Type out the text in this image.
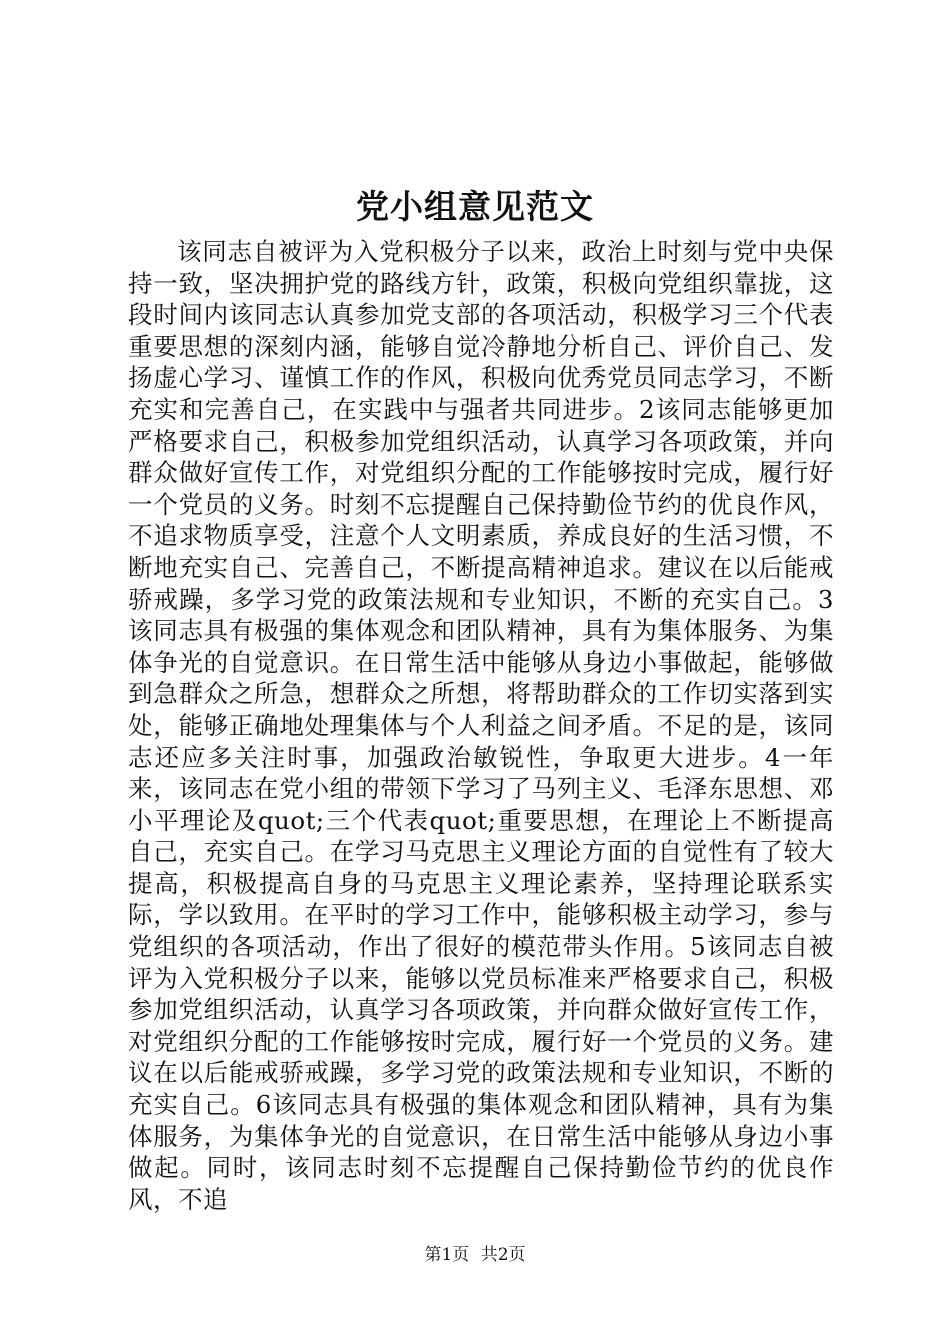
党小组意见范文

该同志自被评为入党积极分子以来，政治上时刻与党中央保持一致，坚决拥护党的路线方针，政策，积极向党组织靠拢，这段时间内该同志认真参加党支部的各项活动，积极学习三个代表重要思想的深刻内涵，能够自觉冷静地分析自己、评价自己、发扬虚心学习、谨慎工作的作风，积极向优秀党员同志学习，不断充实和完善自己，在实践中与强者共同进步。2该同志能够更加严格要求自己，积极参加党组织活动，认真学习各项政策，并向群众做好宣传工作，对党组织分配的工作能够按时完成，履行好一个党员的义务。时刻不忘提醒自己保持勤俭节约的优良作风，不追求物质享受，注意个人文明素质，养成良好的生活习惯，不断地充实自己、完善自己，不断提高精神追求。建议在以后能戒骄戒躁，多学习党的政策法规和专业知识，不断的充实自己。3该同志具有极强的集体观念和团队精神，具有为集体服务、为集体争光的自觉意识。在日常生活中能够从身边小事做起，能够做到急群众之所急，想群众之所想，将帮助群众的工作切实落到实处，能够正确地处理集体与个人利益之间矛盾。不足的是，该同志还应多关注时事，加强政治敏锐性，争取更大进步。4一年来，该同志在党小组的带领下学习了马列主义、毛泽东思想、邓小平理论及quot;三个代表quot;重要思想，在理论上不断提高自己，充实自己。在学习马克思主义理论方面的自觉性有了较大提高，积极提高自身的马克思主义理论素养，坚持理论联系实际，学以致用。在平时的学习工作中，能够积极主动学习，参与党组织的各项活动，作出了很好的模范带头作用。5该同志自被评为入党积极分子以来，能够以党员标准来严格要求自己，积极参加党组织活动，认真学习各项政策，并向群众做好宣传工作，对党组织分配的工作能够按时完成，履行好一个党员的义务。建议在以后能戒骄戒躁，多学习党的政策法规和专业知识，不断的充实自己。6该同志具有极强的集体观念和团队精神，具有为集体服务，为集体争光的自觉意识，在日常生活中能够从身边小事做起。同时，该同志时刻不忘提醒自己保持勤俭节约的优良作风，不追

第1页 共2页
